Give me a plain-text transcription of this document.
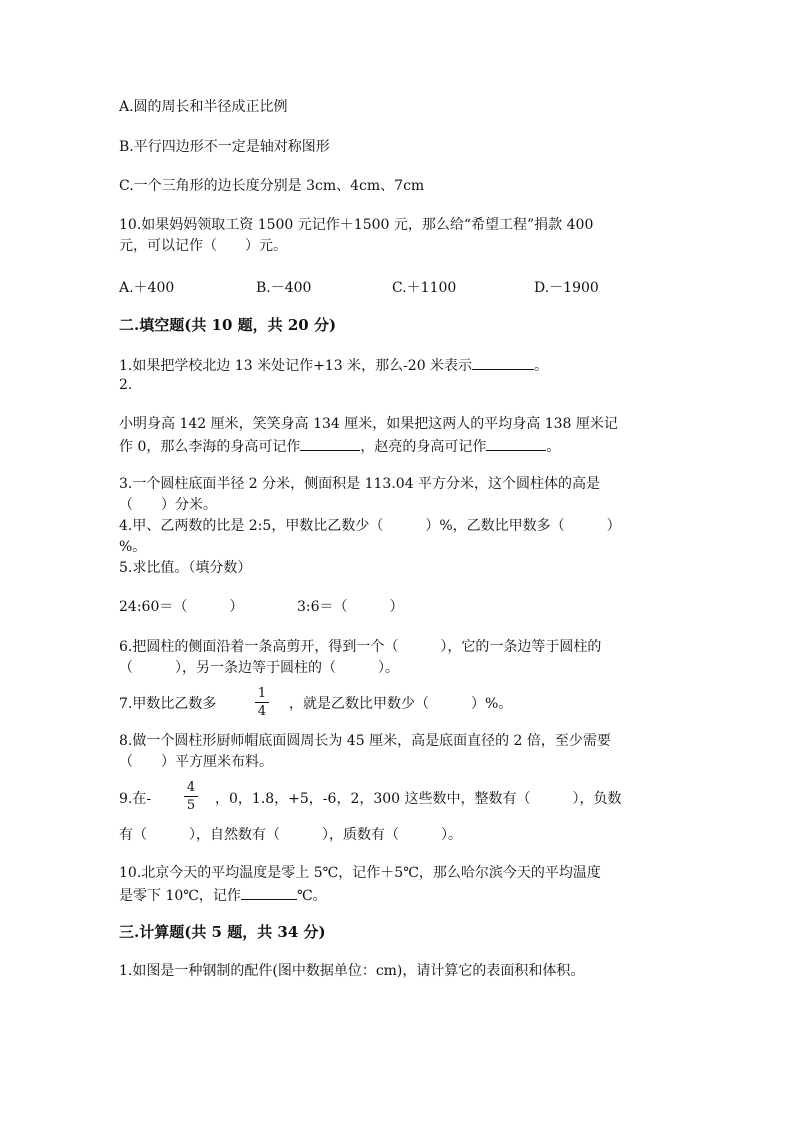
A.圆的周长和半径成正比例
B.平行四边形不一定是轴对称图形
C.一个三角形的边长度分别是 3cm、4cm、7cm
10.如果妈妈领取工资 1500 元记作＋1500 元，那么给“希望工程”捐款 400
元，可以记作（　　）元。
A.＋400	B.－400	C.＋1100	D.－1900
二.填空题(共 10 题，共 20 分)
1.如果把学校北边 13 米处记作+13 米，那么-20 米表示	。
2.
小明身高 142 厘米，笑笑身高 134 厘米，如果把这两人的平均身高 138 厘米记
作 0，那么李海的身高可记作	，赵亮的身高可记作	。
3.一个圆柱底面半径 2 分米，侧面积是 113.04 平方分米，这个圆柱体的高是
（　　）分米。
4.甲、乙两数的比是 2:5，甲数比乙数少（　　　）%，乙数比甲数多（　　　）
%。
5.求比值。（填分数）
24:60＝（　　　）	3:6＝（　　　）
6.把圆柱的侧面沿着一条高剪开，得到一个（　　　），它的一条边等于圆柱的
（　　　），另一条边等于圆柱的（　　　）。
7.甲数比乙数多
1
4 ，就是乙数比甲数少（　　　）%。
8.做一个圆柱形厨师帽底面圆周长为 45 厘米，高是底面直径的 2 倍，至少需要
（　　）平方厘米布料。
9.在-
4
5 ，0，1.8，+5，-6，2，300 这些数中，整数有（　　　），负数
有（　　　），自然数有（　　　），质数有（　　　）。
10.北京今天的平均温度是零上 5℃，记作＋5℃，那么哈尔滨今天的平均温度
是零下 10℃，记作	℃。
三.计算题(共 5 题，共 34 分)
1.如图是一种钢制的配件(图中数据单位：cm)，请计算它的表面积和体积。
